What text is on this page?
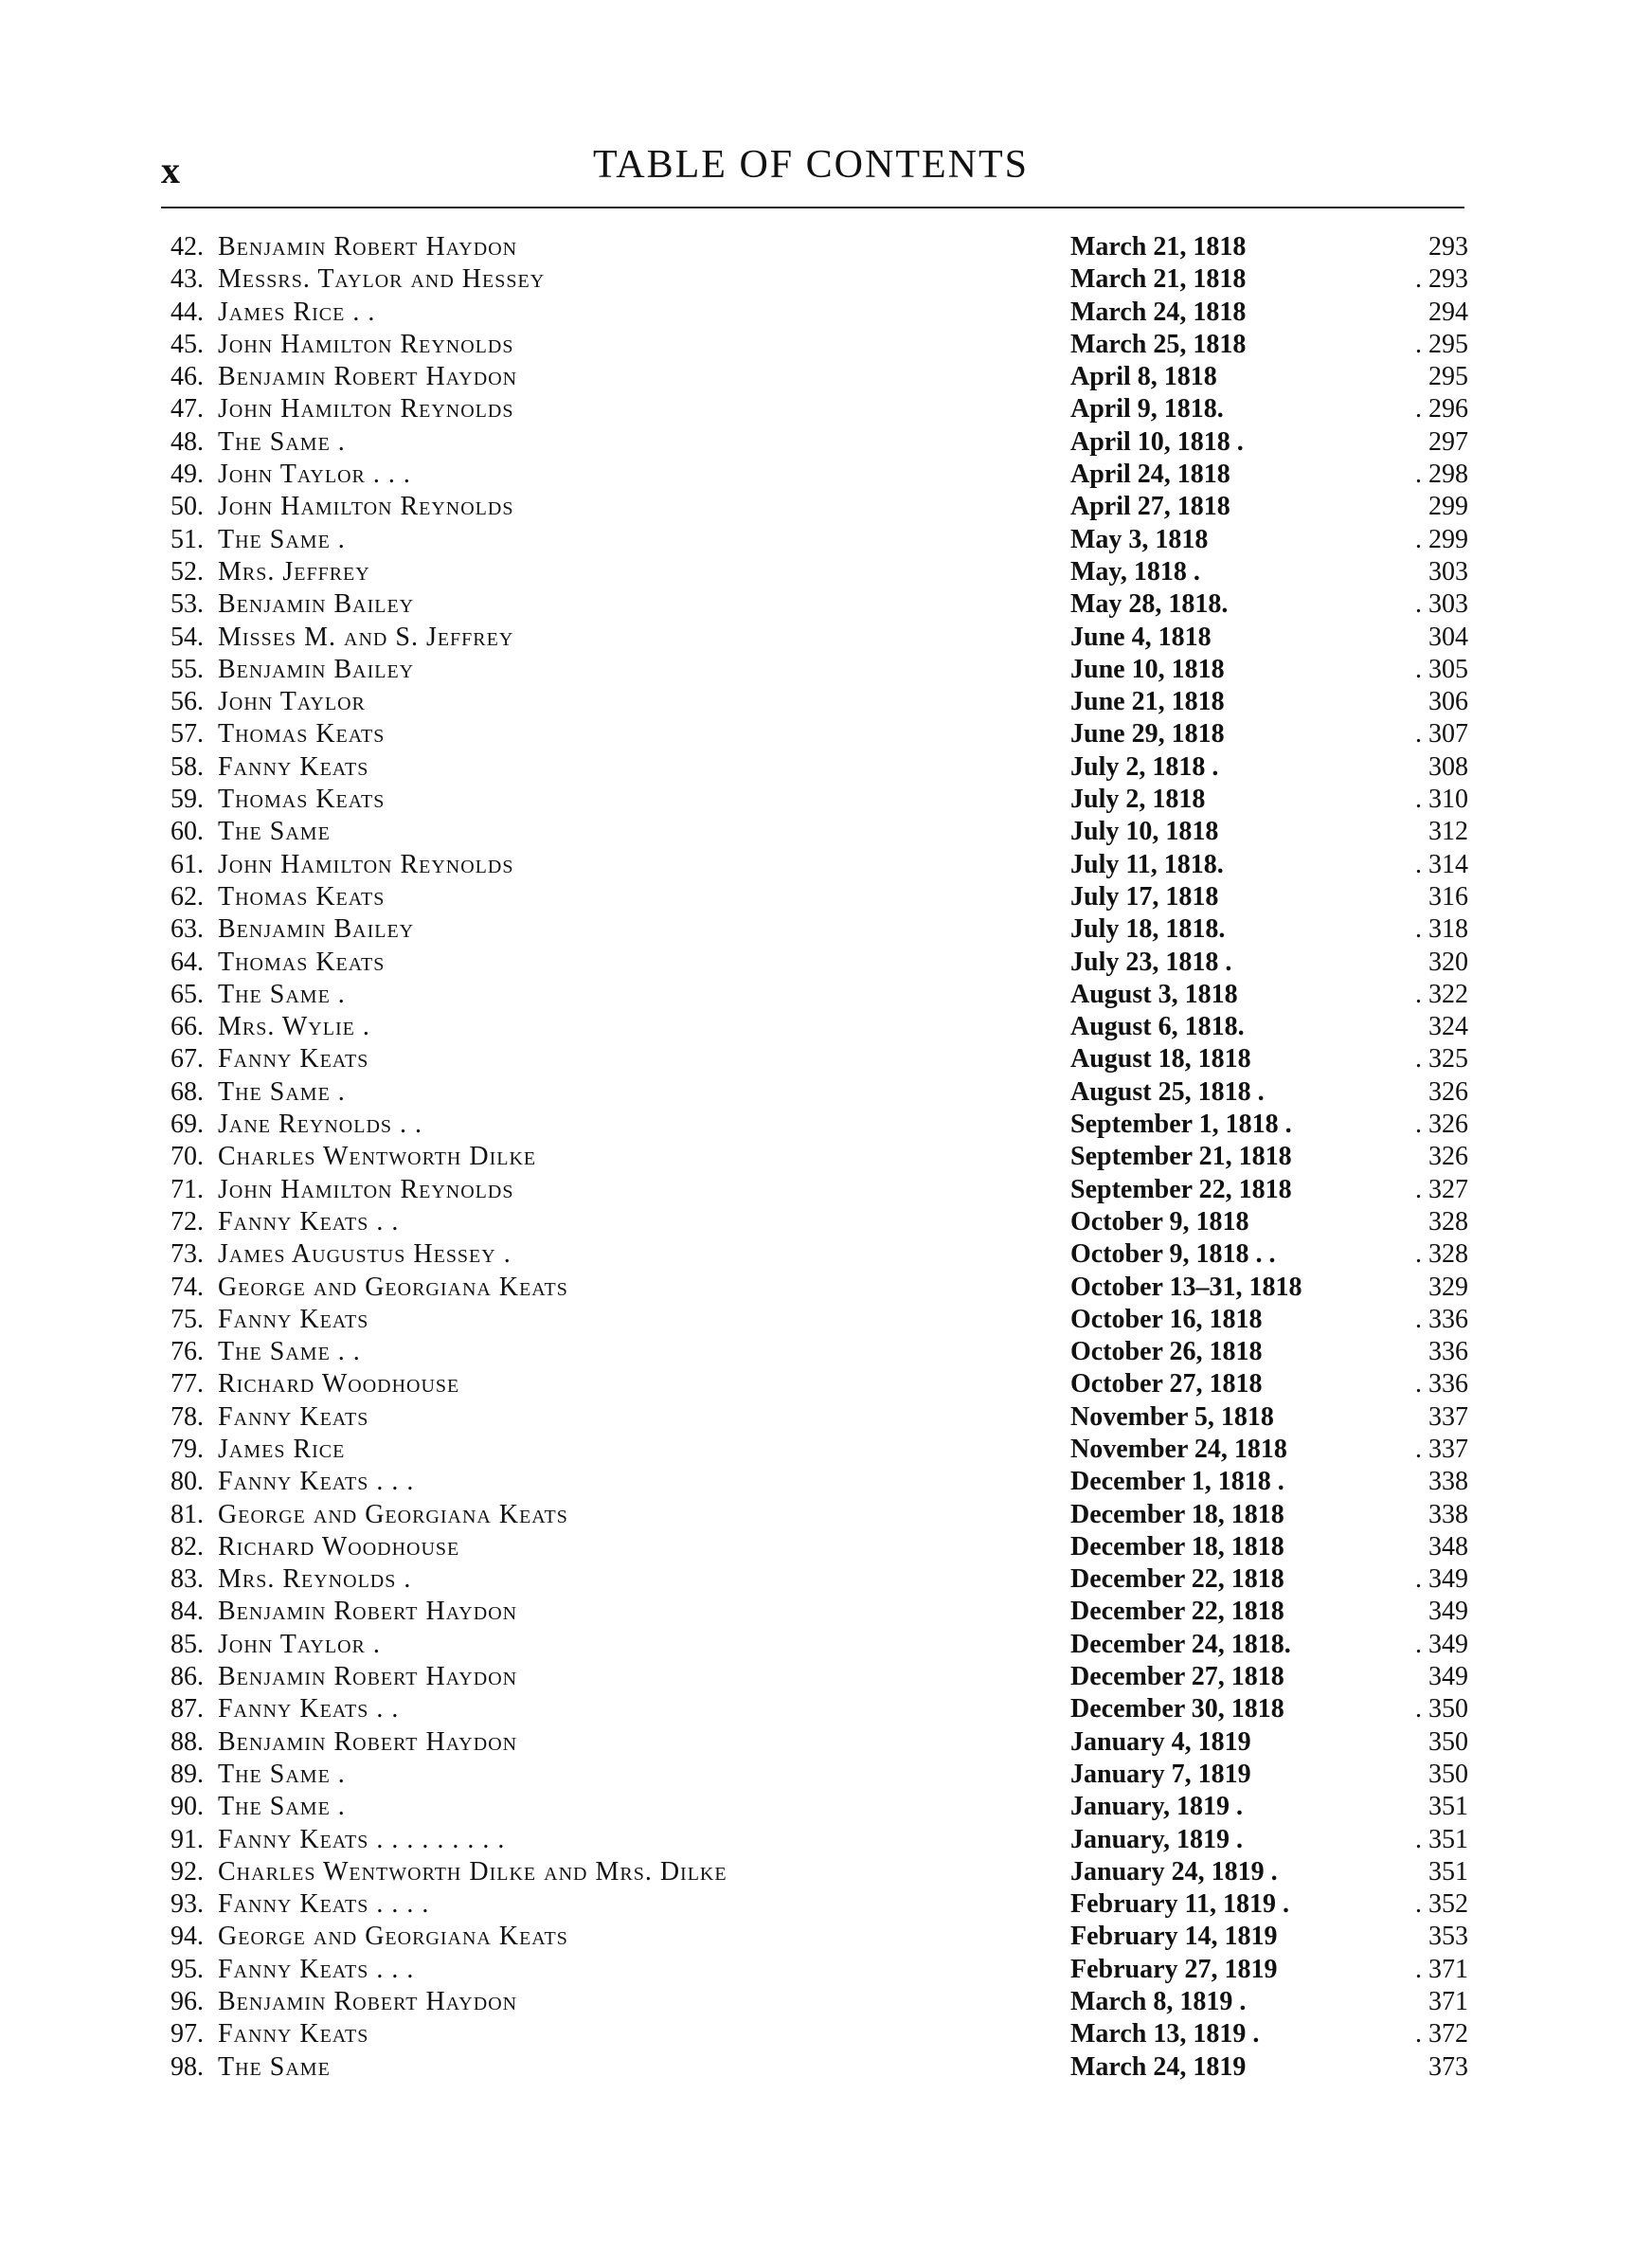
x	TABLE OF CONTENTS
42. Benjamin Robert Haydon	March 21, 1818	293
43. Messrs. Taylor and Hessey	March 21, 1818	. 293
44. James Rice . .	March 24, 1818	294
45. John Hamilton Reynolds	March 25, 1818	. 295
46. Benjamin Robert Haydon	April 8, 1818	295
47. John Hamilton Reynolds	April 9, 1818.	. 296
48. The Same .	April 10, 1818 .	297
49. John Taylor . . .	April 24, 1818	. 298
50. John Hamilton Reynolds	April 27, 1818	299
51. The Same .	May 3, 1818	. 299
52. Mrs. Jeffrey	May, 1818 .	303
53. Benjamin Bailey	May 28, 1818.	. 303
54. Misses M. and S. Jeffrey	June 4, 1818	304
55. Benjamin Bailey	June 10, 1818	. 305
56. John Taylor	June 21, 1818	306
57. Thomas Keats	June 29, 1818	. 307
58. Fanny Keats	July 2, 1818 .	308
59. Thomas Keats	July 2, 1818	. 310
60. The Same	July 10, 1818	312
61. John Hamilton Reynolds	July 11, 1818.	. 314
62. Thomas Keats	July 17, 1818	316
63. Benjamin Bailey	July 18, 1818.	. 318
64. Thomas Keats	July 23, 1818 .	320
65. The Same .	August 3, 1818	. 322
66. Mrs. Wylie .	August 6, 1818.	324
67. Fanny Keats	August 18, 1818	. 325
68. The Same .	August 25, 1818 .	326
69. Jane Reynolds . .	September 1, 1818 .	. 326
70. Charles Wentworth Dilke	September 21, 1818	326
71. John Hamilton Reynolds	September 22, 1818	. 327
72. Fanny Keats . .	October 9, 1818	328
73. James Augustus Hessey .	October 9, 1818 . .	. 328
74. George and Georgiana Keats	October 13–31, 1818	329
75. Fanny Keats	October 16, 1818	. 336
76. The Same . .	October 26, 1818	336
77. Richard Woodhouse	October 27, 1818	. 336
78. Fanny Keats	November 5, 1818	337
79. James Rice	November 24, 1818	. 337
80. Fanny Keats . . .	December 1, 1818 .	338
81. George and Georgiana Keats	December 18, 1818	338
82. Richard Woodhouse	December 18, 1818	348
83. Mrs. Reynolds .	December 22, 1818	. 349
84. Benjamin Robert Haydon	December 22, 1818	349
85. John Taylor .	December 24, 1818.	. 349
86. Benjamin Robert Haydon	December 27, 1818	349
87. Fanny Keats . .	December 30, 1818	. 350
88. Benjamin Robert Haydon	January 4, 1819	350
89. The Same .	January 7, 1819	350
90. The Same .	January, 1819 .	351
91. Fanny Keats . . . . . . . . .	January, 1819 .	. 351
92. Charles Wentworth Dilke and Mrs. Dilke	January 24, 1819 .	351
93. Fanny Keats . . . .	February 11, 1819 .	. 352
94. George and Georgiana Keats	February 14, 1819	353
95. Fanny Keats . . .	February 27, 1819	. 371
96. Benjamin Robert Haydon	March 8, 1819 .	371
97. Fanny Keats	March 13, 1819 .	. 372
98. The Same	March 24, 1819	373
